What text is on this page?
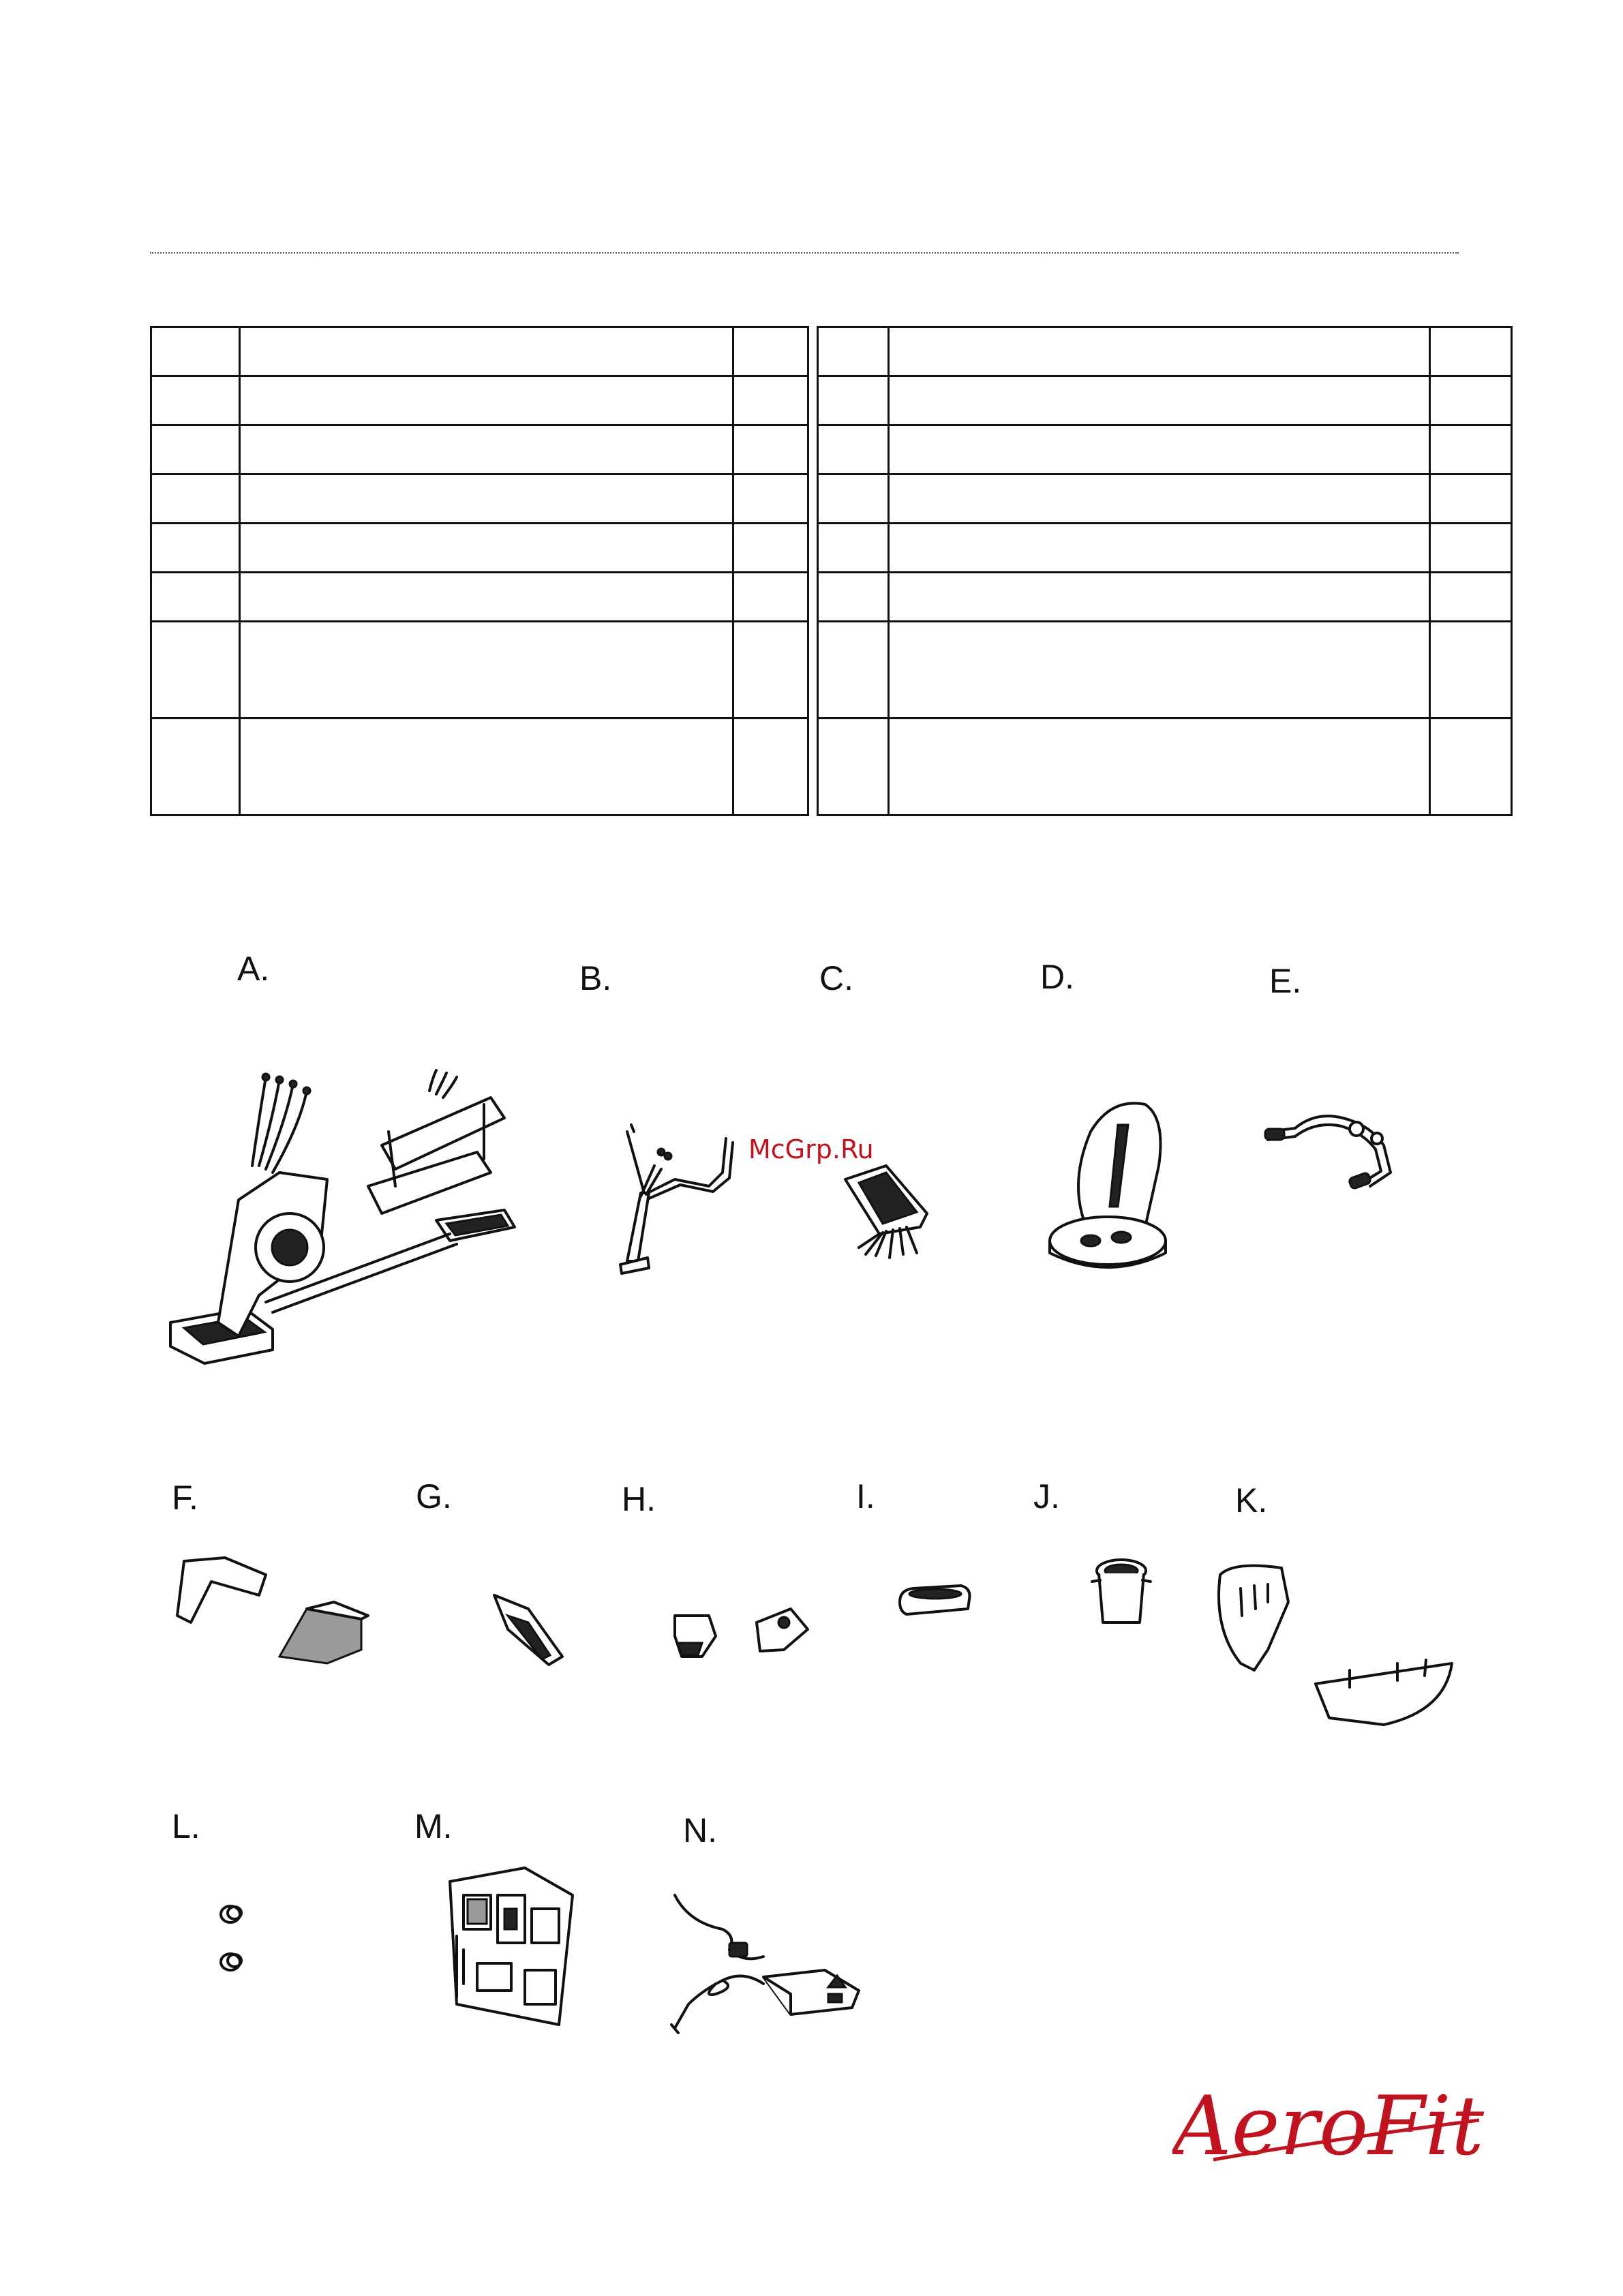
A.	B.	C.	D.	E.
F.	G.	H.	I.	J.	K.
L.	M.	N.
McGrp.Ru
AeroFit
